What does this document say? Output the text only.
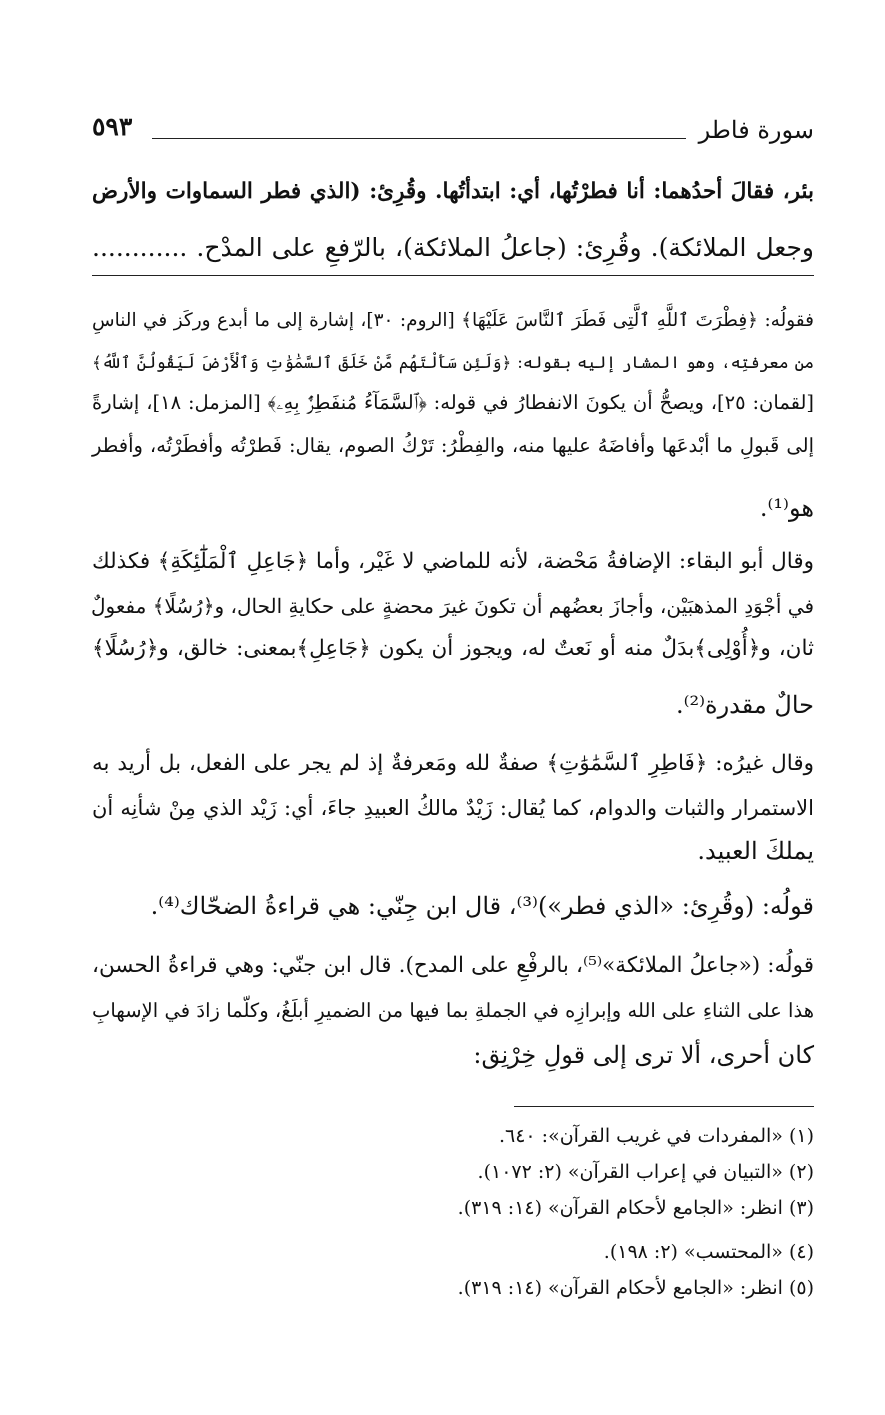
٥٩٣	سورة فاطر
بئر، فقالَ أحدُهما: أنا فطرْتُها، أي: ابتدأتُها. وقُرِئ: (الذي فطر السماوات والأرض
وجعل الملائكة). وقُرِئ: (جاعلُ الملائكة)، بالرّفعِ على المدْح. ............
فقولُه: ﴿فِطْرَتَ ٱللَّهِ ٱلَّتِى فَطَرَ ٱلنَّاسَ عَلَيْهَا﴾ [الروم: ٣٠]، إشارة إلى ما أبدع وركَز في الناسِ
من معرفتِه، وهو المشار إليه بقوله: ﴿وَلَئِن سَأَلْتَهُم مَّنْ خَلَقَ ٱلسَّمَٰوَٰتِ وَٱلْأَرْضَ لَيَقُولُنَّ ٱللَّهُ﴾
[لقمان: ٢٥]، ويصحُّ أن يكونَ الانفطارُ في قوله: ﴿ٱلسَّمَآءُ مُنفَطِرٌۢ بِهِۦ﴾ [المزمل: ١٨]، إشارةً
إلى قَبولِ ما أبْدعَها وأفاضَهُ عليها منه، والفِطْرُ: تَرْكُ الصوم، يقال: فَطرْتُه وأفطَرْتُه، وأفطر
هو⁽¹⁾.
وقال أبو البقاء: الإضافةُ مَحْضة، لأنه للماضي لا غَيْر، وأما ﴿جَاعِلِ ٱلْمَلَٰٓئِكَةِ﴾ فكذلك
في أجْوَدِ المذهبَيْن، وأجازَ بعضُهم أن تكونَ غيرَ محضةٍ على حكايةِ الحال، و﴿رُسُلًا﴾ مفعولٌ
ثان، و﴿أُوْلِى﴾بدَلٌ منه أو نَعتٌ له، ويجوز أن يكون ﴿جَاعِلِ﴾بمعنى: خالق، و﴿رُسُلًا﴾
حالٌ مقدرة⁽²⁾.
وقال غيرُه: ﴿فَاطِرِ ٱلسَّمَٰوَٰتِ﴾ صفةٌ لله ومَعرفةٌ إذ لم يجر على الفعل، بل أريد به
الاستمرار والثبات والدوام، كما يُقال: زَيْدٌ مالكُ العبيدِ جاءَ، أي: زَيْد الذي مِنْ شأنِه أن
يملكَ العبيد.
قولُه: (وقُرِئ: «الذي فطر»)⁽³⁾، قال ابن جِنّي: هي قراءةُ الضحّاك⁽⁴⁾.
قولُه: («جاعلُ الملائكة»⁽⁵⁾، بالرفْعِ على المدح). قال ابن جنّي: وهي قراءةُ الحسن،
هذا على الثناءِ على الله وإبرازِه في الجملةِ بما فيها من الضميرِ أبلَغُ، وكلّما زادَ في الإسهابِ
كان أحرى، ألا ترى إلى قولِ خِرْنِق:
(١) «المفردات في غريب القرآن»: ٦٤٠.
(٢) «التبيان في إعراب القرآن» (٢: ١٠٧٢).
(٣) انظر: «الجامع لأحكام القرآن» (١٤: ٣١٩).
(٤) «المحتسب» (٢: ١٩٨).
(٥) انظر: «الجامع لأحكام القرآن» (١٤: ٣١٩).
